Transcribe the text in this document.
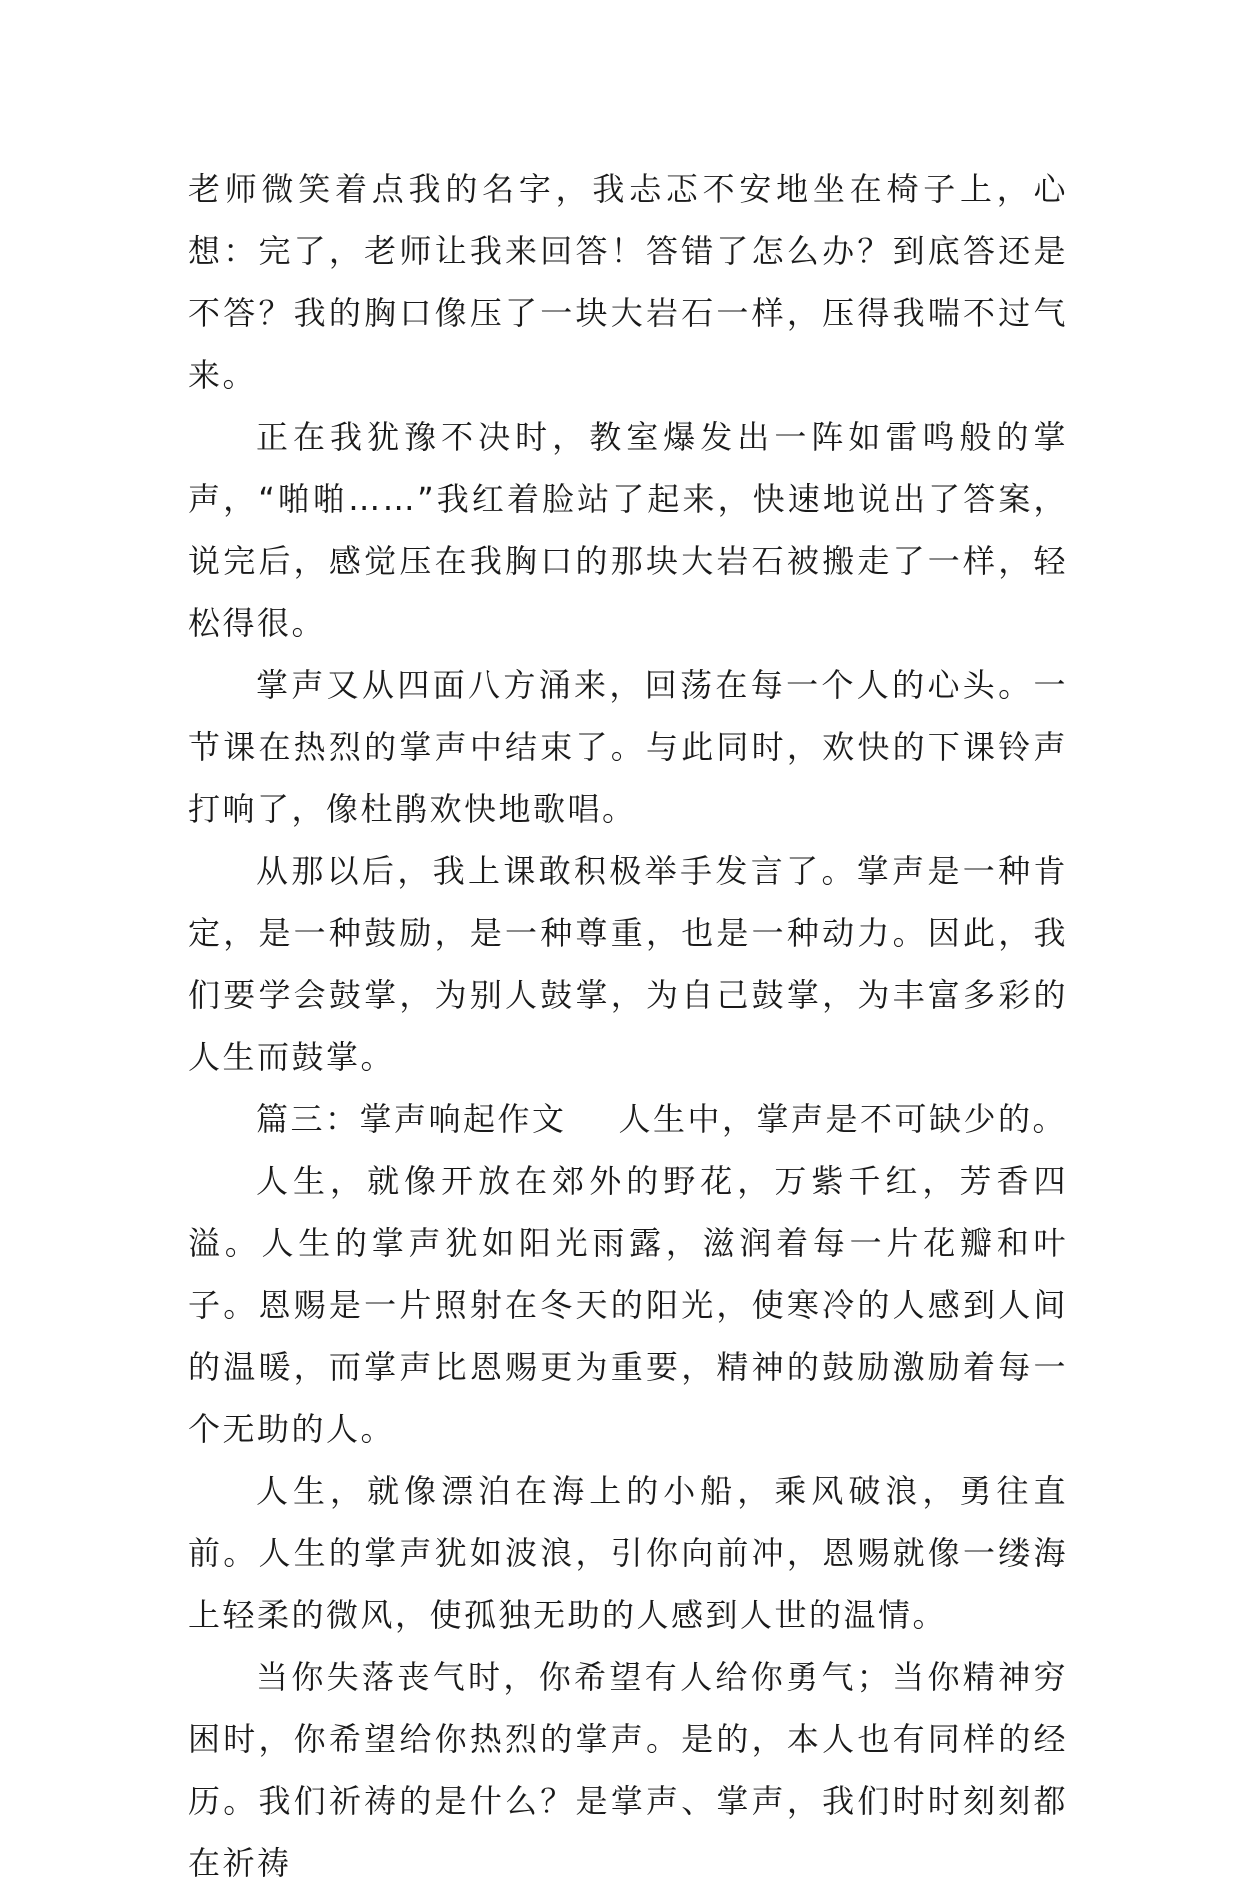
老师微笑着点我的名字，我忐忑不安地坐在椅子上，心想：完了，老师让我来回答！答错了怎么办？到底答还是不答？我的胸口像压了一块大岩石一样，压得我喘不过气来。

正在我犹豫不决时，教室爆发出一阵如雷鸣般的掌声，“啪啪……”我红着脸站了起来，快速地说出了答案，说完后，感觉压在我胸口的那块大岩石被搬走了一样，轻松得很。

掌声又从四面八方涌来，回荡在每一个人的心头。一节课在热烈的掌声中结束了。与此同时，欢快的下课铃声打响了，像杜鹃欢快地歌唱。

从那以后，我上课敢积极举手发言了。掌声是一种肯定，是一种鼓励，是一种尊重，也是一种动力。因此，我们要学会鼓掌，为别人鼓掌，为自己鼓掌，为丰富多彩的人生而鼓掌。

篇三：掌声响起作文 人生中，掌声是不可缺少的。

人生，就像开放在郊外的野花，万紫千红，芳香四溢。人生的掌声犹如阳光雨露，滋润着每一片花瓣和叶子。恩赐是一片照射在冬天的阳光，使寒冷的人感到人间的温暖，而掌声比恩赐更为重要，精神的鼓励激励着每一个无助的人。

人生，就像漂泊在海上的小船，乘风破浪，勇往直前。人生的掌声犹如波浪，引你向前冲，恩赐就像一缕海上轻柔的微风，使孤独无助的人感到人世的温情。

当你失落丧气时，你希望有人给你勇气；当你精神穷困时，你希望给你热烈的掌声。是的，本人也有同样的经历。我们祈祷的是什么？是掌声、掌声，我们时时刻刻都在祈祷
